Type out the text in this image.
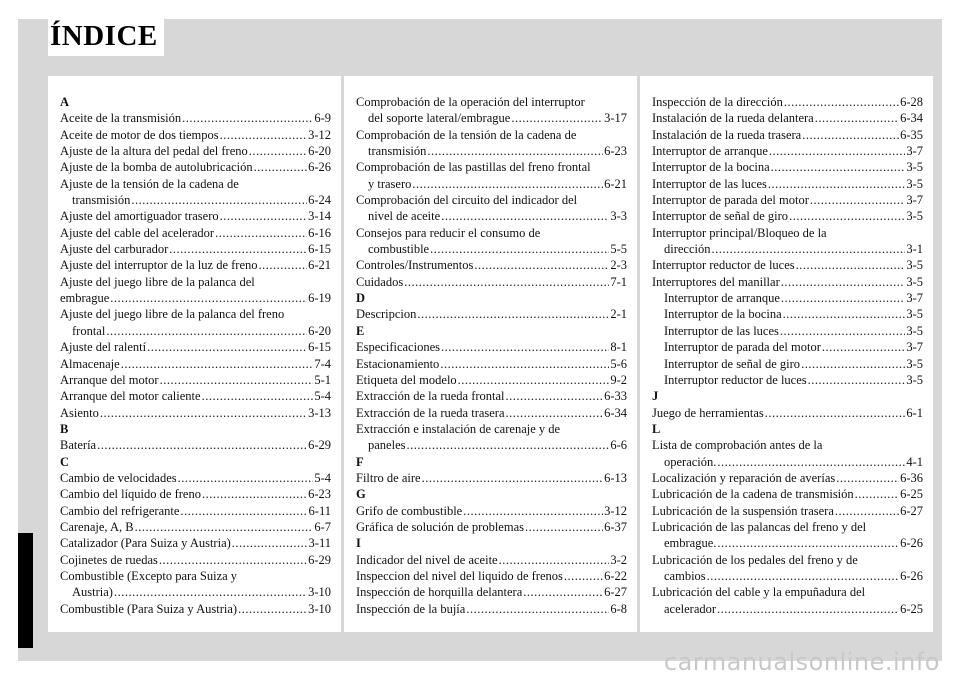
ÍNDICE
A
Aceite de la transmisión .....	6-9
Aceite de motor de dos tiempos .....	3-12
Ajuste de la altura del pedal del freno .....	6-20
Ajuste de la bomba de autolubricación .....	6-26
Ajuste de la tensión de la cadena de
transmisión .....	6-24
Ajuste del amortiguador trasero .....	3-14
Ajuste del cable del acelerador .....	6-16
Ajuste del carburador .....	6-15
Ajuste del interruptor de la luz de freno .....	6-21
Ajuste del juego libre de la palanca del
embrague .....	6-19
Ajuste del juego libre de la palanca del freno
frontal .....	6-20
Ajuste del ralentí .....	6-15
Almacenaje .....	7-4
Arranque del motor .....	5-1
Arranque del motor caliente .....	5-4
Asiento .....	3-13
B
Batería .....	6-29
C
Cambio de velocidades .....	5-4
Cambio del líquido de freno .....	6-23
Cambio del refrigerante .....	6-11
Carenaje, A, B .....	6-7
Catalizador (Para Suiza y Austria) .....	3-11
Cojinetes de ruedas .....	6-29
Combustible (Excepto para Suiza y
Austria) .....	3-10
Combustible (Para Suiza y Austria) .....	3-10
Comprobación de la operación del interruptor
del soporte lateral/embrague .....	3-17
Comprobación de la tensión de la cadena de
transmisión .....	6-23
Comprobación de las pastillas del freno frontal
y trasero .....	6-21
Comprobación del circuito del indicador del
nivel de aceite .....	3-3
Consejos para reducir el consumo de
combustible .....	5-5
Controles/Instrumentos .....	2-3
Cuidados .....	7-1
D
Descripcion .....	2-1
E
Especificaciones .....	8-1
Estacionamiento .....	5-6
Etiqueta del modelo .....	9-2
Extracción de la rueda frontal .....	6-33
Extracción de la rueda trasera .....	6-34
Extracción e instalación de carenaje y de
paneles .....	6-6
F
Filtro de aire .....	6-13
G
Grifo de combustible .....	3-12
Gráfica de solución de problemas .....	6-37
I
Indicador del nivel de aceite .....	3-2
Inspeccion del nivel del liquido de frenos .....	6-22
Inspección de horquilla delantera .....	6-27
Inspección de la bujía .....	6-8
Inspección de la dirección .....	6-28
Instalación de la rueda delantera .....	6-34
Instalación de la rueda trasera .....	6-35
Interruptor de arranque .....	3-7
Interruptor de la bocina .....	3-5
Interruptor de las luces .....	3-5
Interruptor de parada del motor .....	3-7
Interruptor de señal de giro .....	3-5
Interruptor principal/Bloqueo de la
dirección .....	3-1
Interruptor reductor de luces .....	3-5
Interruptores del manillar .....	3-5
Interruptor de arranque .....	3-7
Interruptor de la bocina .....	3-5
Interruptor de las luces .....	3-5
Interruptor de parada del motor .....	3-7
Interruptor de señal de giro .....	3-5
Interruptor reductor de luces .....	3-5
J
Juego de herramientas .....	6-1
L
Lista de comprobación antes de la
operación. .....	4-1
Localización y reparación de averías .....	6-36
Lubricación de la cadena de transmisión .....	6-25
Lubricación de la suspensión trasera .....	6-27
Lubricación de las palancas del freno y del
embrague. .....	6-26
Lubricación de los pedales del freno y de
cambios .....	6-26
Lubricación del cable y la empuñadura del
acelerador .....	6-25
carmanualsonline.info
